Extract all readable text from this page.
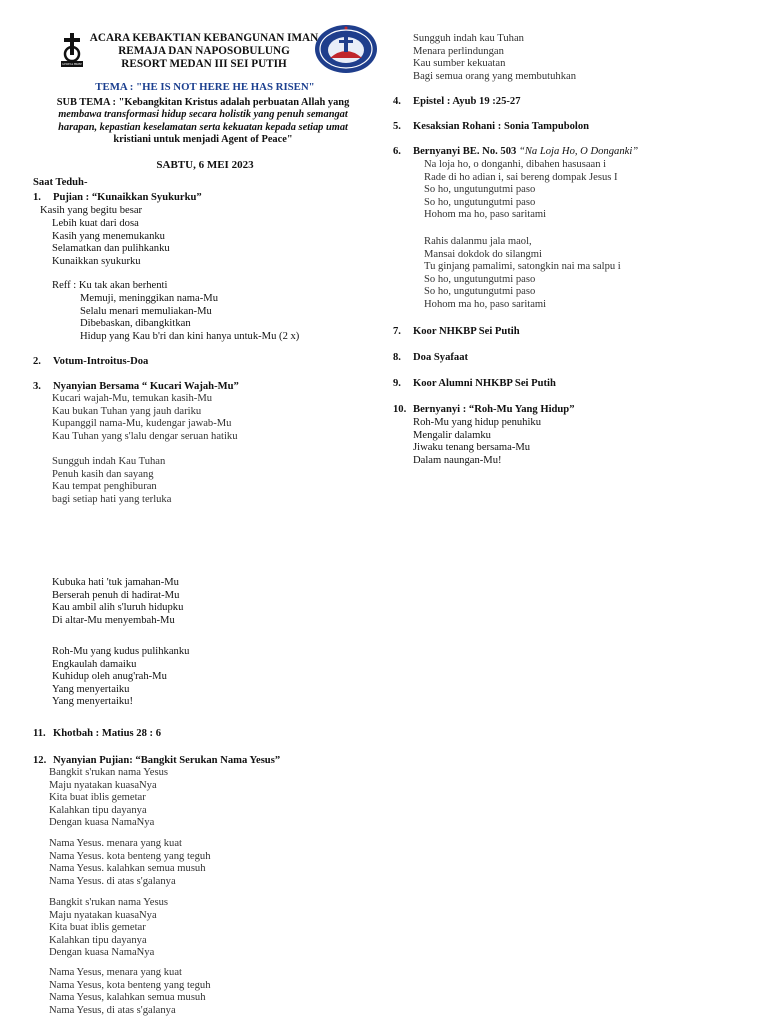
GEREJA HKBP
ACARA KEBAKTIAN KEBANGUNAN IMAN
REMAJA DAN NAPOSOBULUNG
RESORT MEDAN III SEI PUTIH
TEMA : "HE IS NOT HERE HE HAS RISEN"
SUB TEMA : "Kebangkitan Kristus adalah perbuatan Allah yang
membawa transformasi hidup secara holistik yang penuh semangat
harapan, kepastian keselamatan serta kekuatan kepada setiap umat
kristiani untuk menjadi Agent of Peace"
SABTU, 6 MEI 2023
Saat Teduh-
1. Pujian : “Kunaikkan Syukurku”
Kasih yang begitu besar
Lebih kuat dari dosa
Kasih yang menemukanku
Selamatkan dan pulihkanku
Kunaikkan syukurku
Reff : Ku tak akan berhenti
Memuji, meninggikan nama-Mu
Selalu menari memuliakan-Mu
Dibebaskan, dibangkitkan
Hidup yang Kau b'ri dan kini hanya untuk-Mu (2 x)
2. Votum-Introitus-Doa
3. Nyanyian Bersama “ Kucari Wajah-Mu”
Kucari wajah-Mu, temukan kasih-Mu
Kau bukan Tuhan yang jauh dariku
Kupanggil nama-Mu, kudengar jawab-Mu
Kau Tuhan yang s'lalu dengar seruan hatiku
Sungguh indah Kau Tuhan
Penuh kasih dan sayang
Kau tempat penghiburan
bagi setiap hati yang terluka
Kubuka hati 'tuk jamahan-Mu
Berserah penuh di hadirat-Mu
Kau ambil alih s'luruh hidupku
Di altar-Mu menyembah-Mu
Roh-Mu yang kudus pulihkanku
Engkaulah damaiku
Kuhidup oleh anug'rah-Mu
Yang menyertaiku
Yang menyertaiku!
11. Khotbah : Matius 28 : 6
12. Nyanyian Pujian: “Bangkit Serukan Nama Yesus”
Bangkit s'rukan nama Yesus
Maju nyatakan kuasaNya
Kita buat iblis gemetar
Kalahkan tipu dayanya
Dengan kuasa NamaNya
Nama Yesus. menara yang kuat
Nama Yesus. kota benteng yang teguh
Nama Yesus. kalahkan semua musuh
Nama Yesus. di atas s'galanya
Bangkit s'rukan nama Yesus
Maju nyatakan kuasaNya
Kita buat iblis gemetar
Kalahkan tipu dayanya
Dengan kuasa NamaNya
Nama Yesus, menara yang kuat
Nama Yesus, kota benteng yang teguh
Nama Yesus, kalahkan semua musuh
Nama Yesus, di atas s'galanya
Sungguh indah kau Tuhan
Menara perlindungan
Kau sumber kekuatan
Bagi semua orang yang membutuhkan
4. Epistel : Ayub 19 :25-27
5. Kesaksian Rohani : Sonia Tampubolon
6. Bernyanyi BE. No. 503 “Na Loja Ho, O Donganki”
Na loja ho, o donganhi, dibahen hasusaan i
Rade di ho adian i, sai bereng dompak Jesus I
So ho, ungutungutmi paso
So ho, ungutungutmi paso
Hohom ma ho, paso saritami
Rahis dalanmu jala maol,
Mansai dokdok do silangmi
Tu ginjang pamalimi, satongkin nai ma salpu i
So ho, ungutungutmi paso
So ho, ungutungutmi paso
Hohom ma ho, paso saritami
7. Koor NHKBP Sei Putih
8. Doa Syafaat
9. Koor Alumni NHKBP Sei Putih
10. Bernyanyi : “Roh-Mu Yang Hidup”
Roh-Mu yang hidup penuhiku
Mengalir dalamku
Jiwaku tenang bersama-Mu
Dalam naungan-Mu!
